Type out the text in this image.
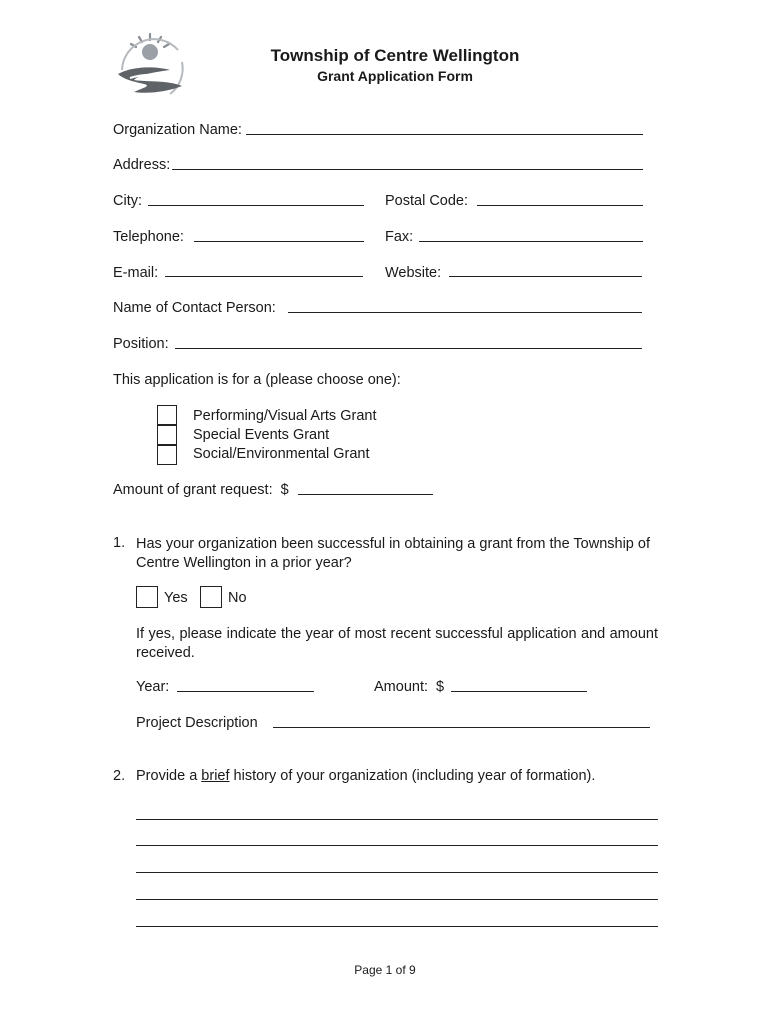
Township of Centre Wellington
Grant Application Form
Organization Name:
Address:
City:	Postal Code:
Telephone:	Fax:
E-mail:	Website:
Name of Contact Person:
Position:
This application is for a (please choose one):
Performing/Visual Arts Grant
Special Events Grant
Social/Environmental Grant
Amount of grant request:  $
1. Has your organization been successful in obtaining a grant from the Township of Centre Wellington in a prior year?
Yes	No
If yes, please indicate the year of most recent successful application and amount received.
Year:	Amount:  $
Project Description
2. Provide a brief history of your organization (including year of formation).
Page 1 of 9
